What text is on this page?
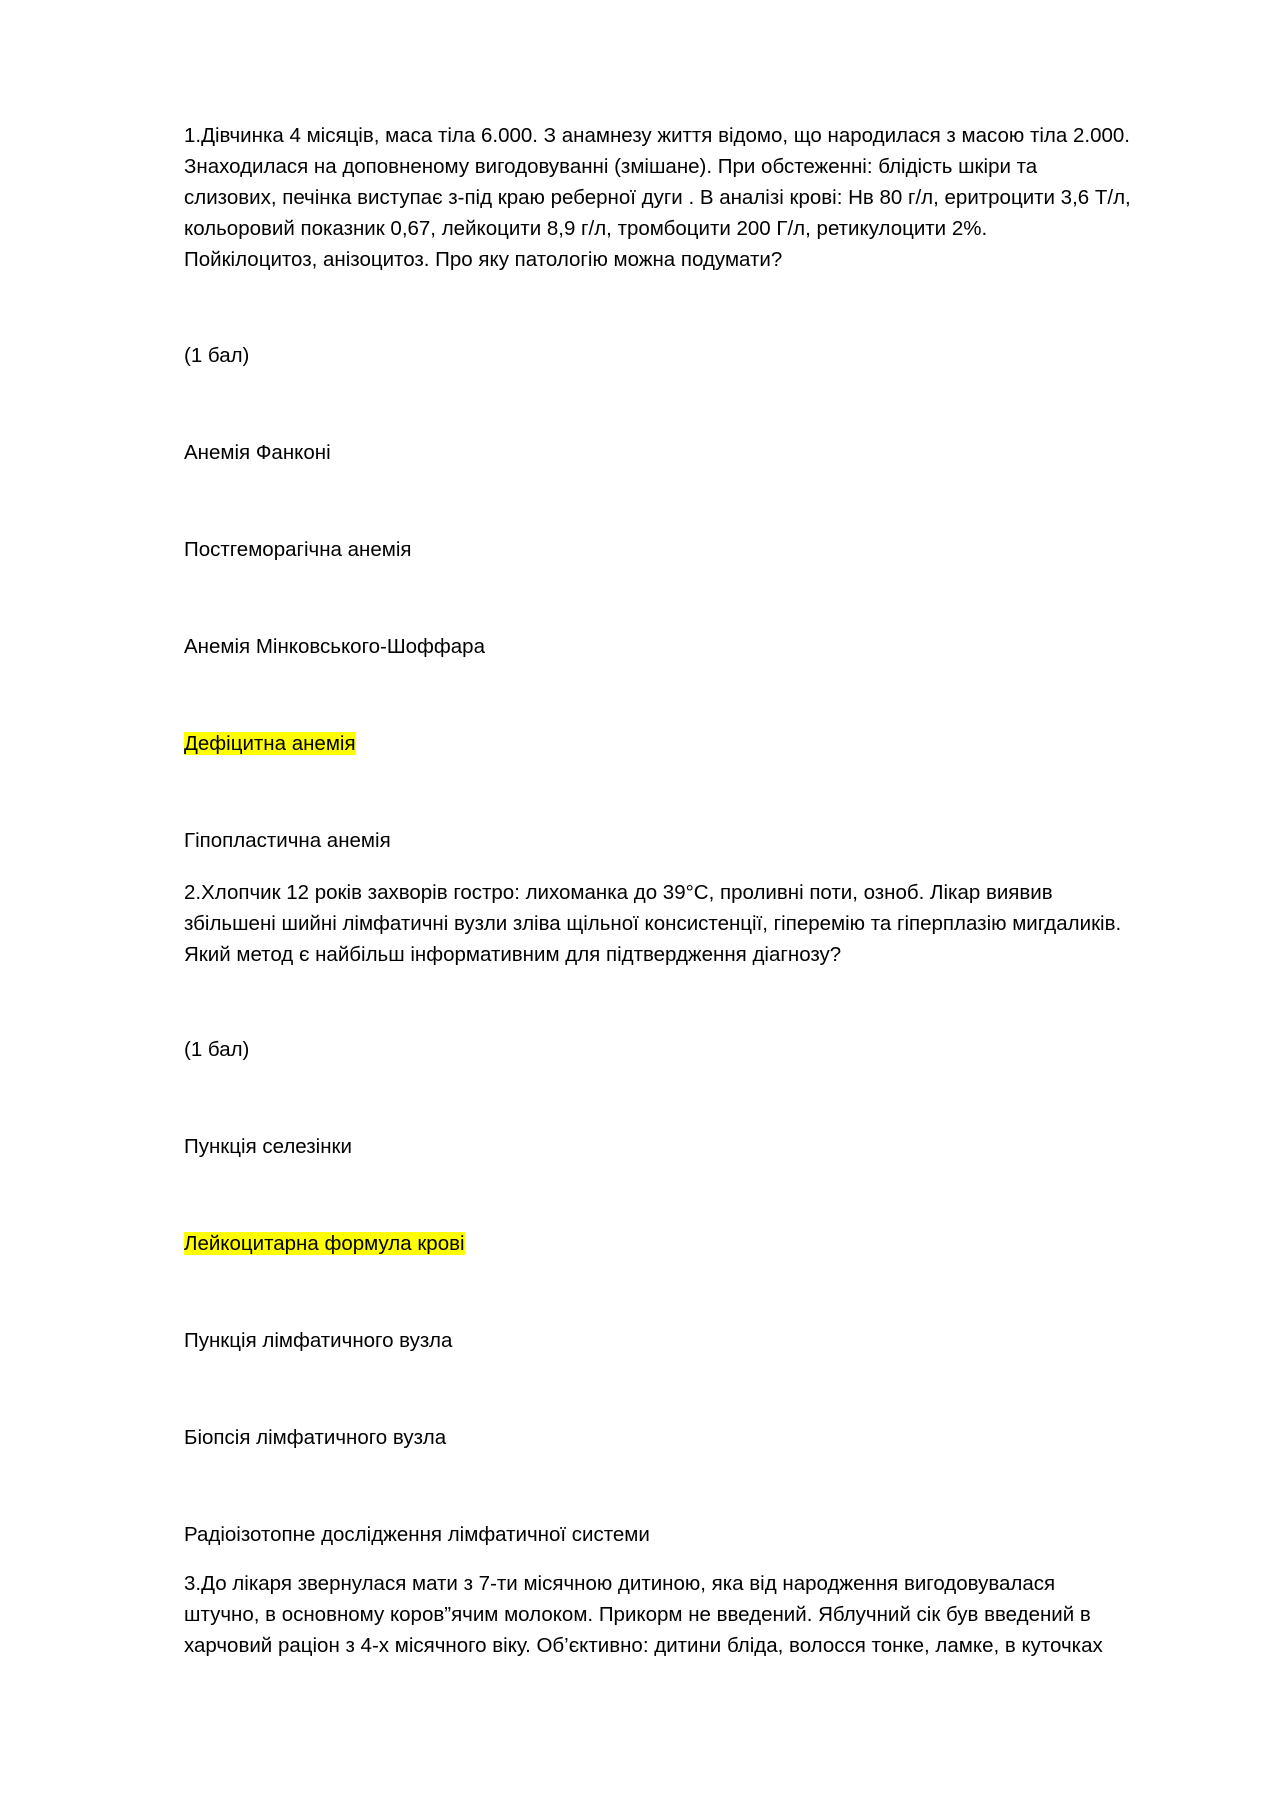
1.Дівчинка 4 місяців, маса тіла 6.000. З анамнезу життя відомо, що народилася з масою тіла 2.000.
Знаходилася на доповненому вигодовуванні (змішане). При обстеженні: блідість шкіри та
слизових, печінка виступає з-під краю реберної дуги . В аналізі крові: Нв 80 г/л, еритроцити 3,6 Т/л,
кольоровий показник 0,67, лейкоцити 8,9 г/л, тромбоцити 200 Г/л, ретикулоцити 2%.
Пойкілоцитоз, анізоцитоз. Про яку патологію можна подумати?

(1 бал)

Анемія Фанконі

Постгеморагічна анемія

Анемія Мінковського-Шоффара

Дефіцитна анемія

Гіпопластична анемія

2.Хлопчик 12 років захворів гостро: лихоманка до 39°С, проливні поти, озноб. Лікар виявив
збільшені шийні лімфатичні вузли зліва щільної консистенції, гіперемію та гіперплазію мигдаликів.
Який метод є найбільш інформативним для підтвердження діагнозу?

(1 бал)

Пункція селезінки

Лейкоцитарна формула крові

Пункція лімфатичного вузла

Біопсія лімфатичного вузла

Радіоізотопне дослідження лімфатичної системи

3.До лікаря звернулася мати з 7-ти місячною дитиною, яка від народження вигодовувалася
штучно, в основному коров”ячим молоком. Прикорм не введений. Яблучний сік був введений в
харчовий раціон з 4-х місячного віку. Об’єктивно: дитини бліда, волосся тонке, ламке, в куточках
